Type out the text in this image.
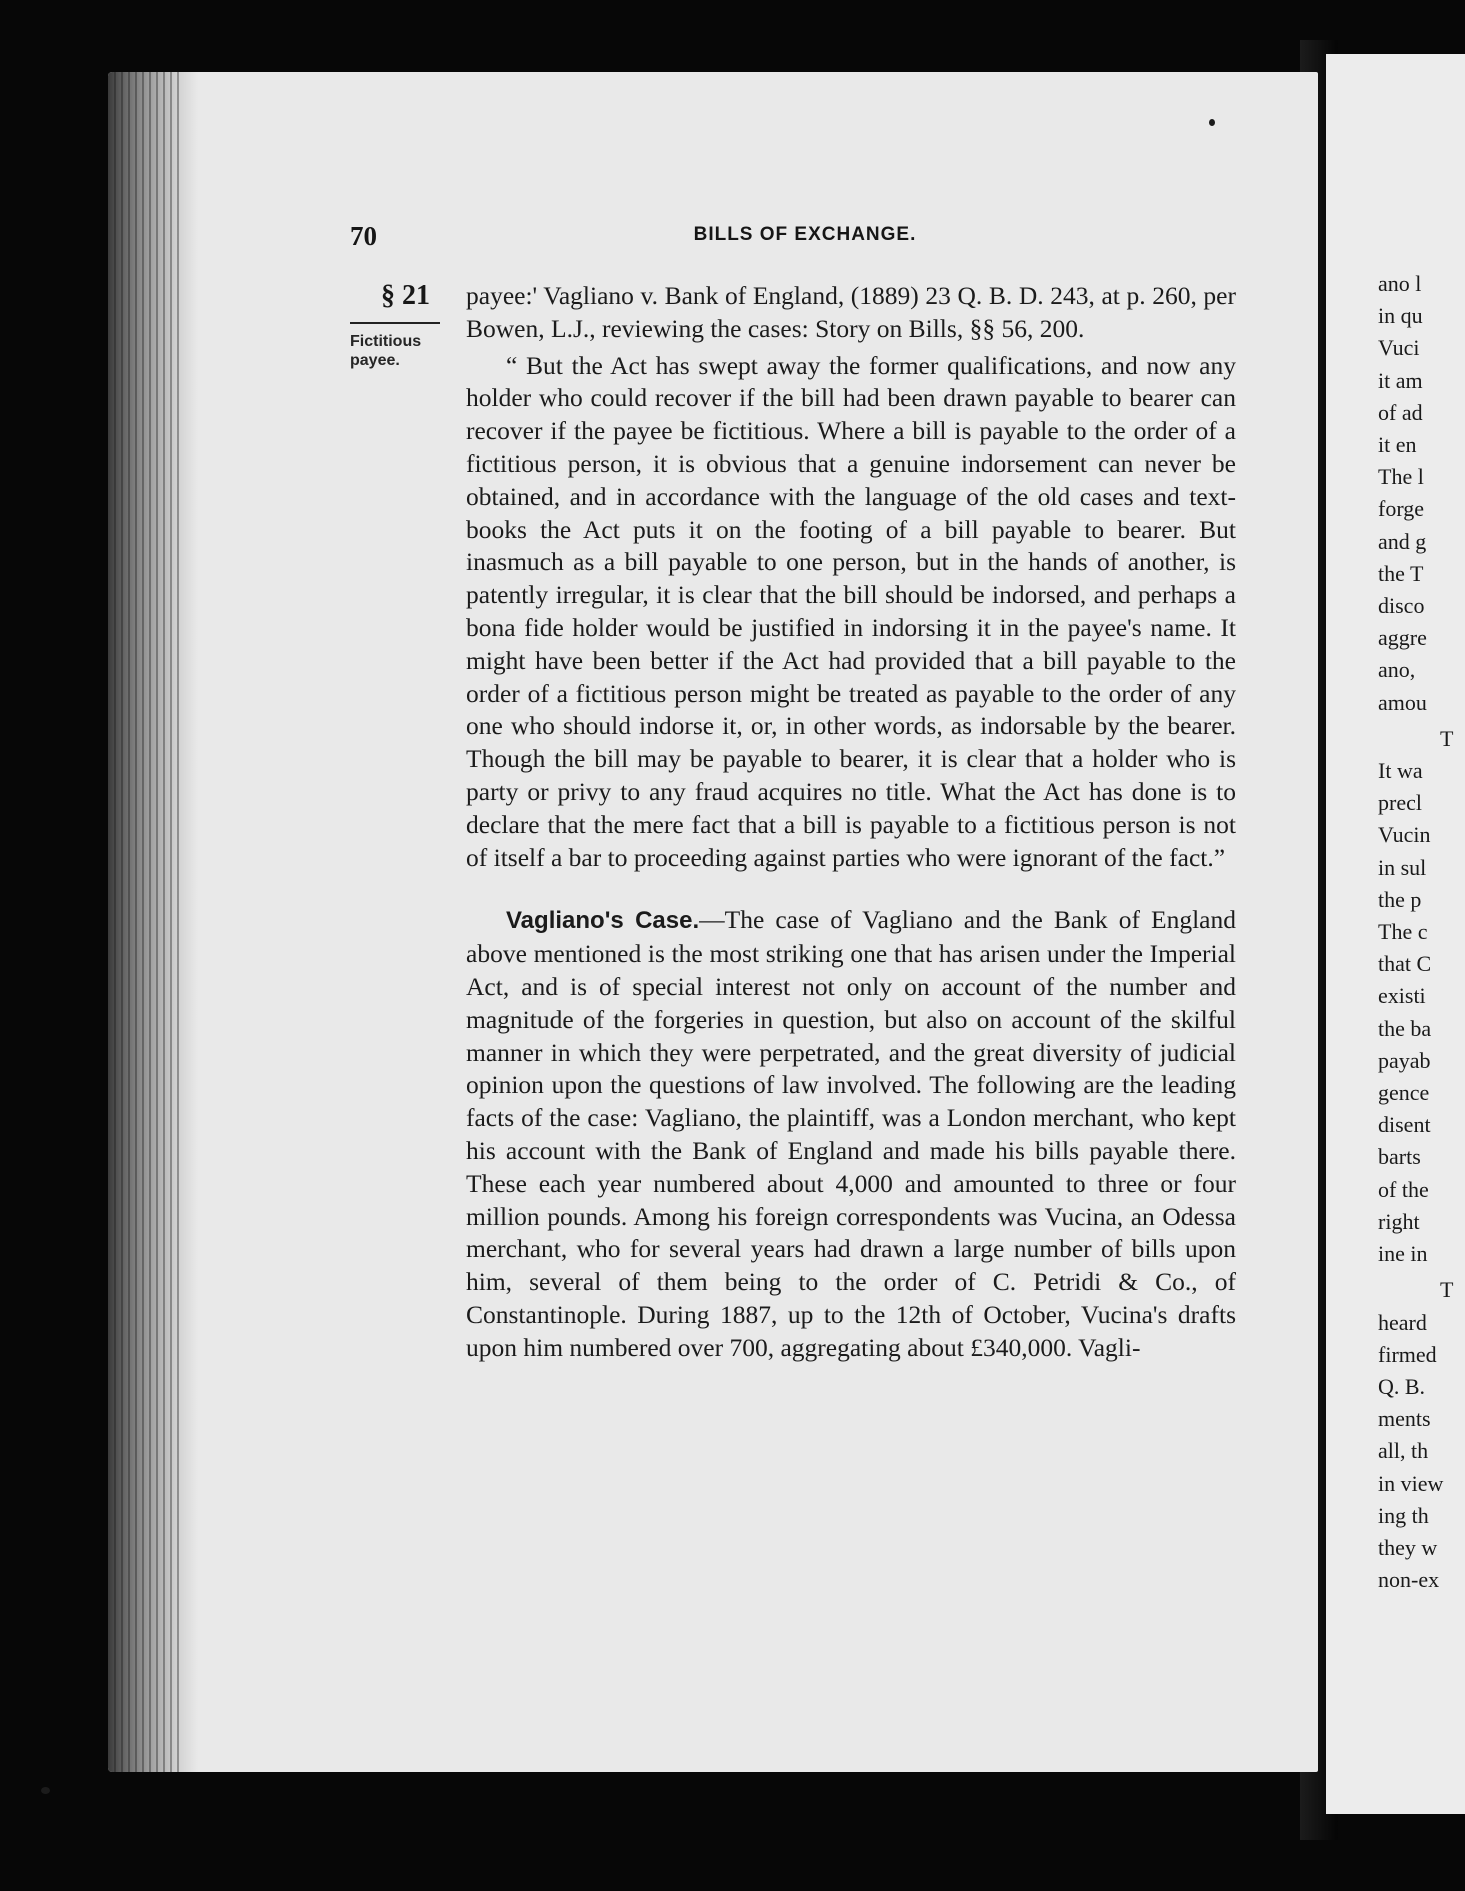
ano l
in qu
Vuci
it am
of ad
it en
The l
forge
and g
the T
disco
aggre
ano,
amou
T
It wa
precl
Vucin
in sul
the p
The c
that C
existi
the ba
payab
gence
disent
barts
of the
right
ine in
T
heard
firmed
Q. B.
ments
all, th
in view
ing th
they w
non-ex
70	BILLS OF EXCHANGE.
§ 21
Fictitious
payee.

payee:' Vagliano v. Bank of England, (1889) 23 Q. B. D. 243, at p. 260, per Bowen, L.J., reviewing the cases: Story on Bills, §§ 56, 200.

“ But the Act has swept away the former qualifications, and now any holder who could recover if the bill had been drawn payable to bearer can recover if the payee be fictitious. Where a bill is payable to the order of a fictitious person, it is obvious that a genuine indorsement can never be obtained, and in accordance with the language of the old cases and text-books the Act puts it on the footing of a bill payable to bearer. But inasmuch as a bill payable to one person, but in the hands of another, is patently irregular, it is clear that the bill should be indorsed, and perhaps a bona fide holder would be justified in indorsing it in the payee's name. It might have been better if the Act had provided that a bill payable to the order of a fictitious person might be treated as payable to the order of any one who should indorse it, or, in other words, as indorsable by the bearer. Though the bill may be payable to bearer, it is clear that a holder who is party or privy to any fraud acquires no title. What the Act has done is to declare that the mere fact that a bill is payable to a fictitious person is not of itself a bar to proceeding against parties who were ignorant of the fact.”

Vagliano's Case.—The case of Vagliano and the Bank of England above mentioned is the most striking one that has arisen under the Imperial Act, and is of special interest not only on account of the number and magnitude of the forgeries in question, but also on account of the skilful manner in which they were perpetrated, and the great diversity of judicial opinion upon the questions of law involved. The following are the leading facts of the case: Vagliano, the plaintiff, was a London merchant, who kept his account with the Bank of England and made his bills payable there. These each year numbered about 4,000 and amounted to three or four million pounds. Among his foreign correspondents was Vucina, an Odessa merchant, who for several years had drawn a large number of bills upon him, several of them being to the order of C. Petridi & Co., of Constantinople. During 1887, up to the 12th of October, Vucina's drafts upon him numbered over 700, aggregating about £340,000. Vagli-
